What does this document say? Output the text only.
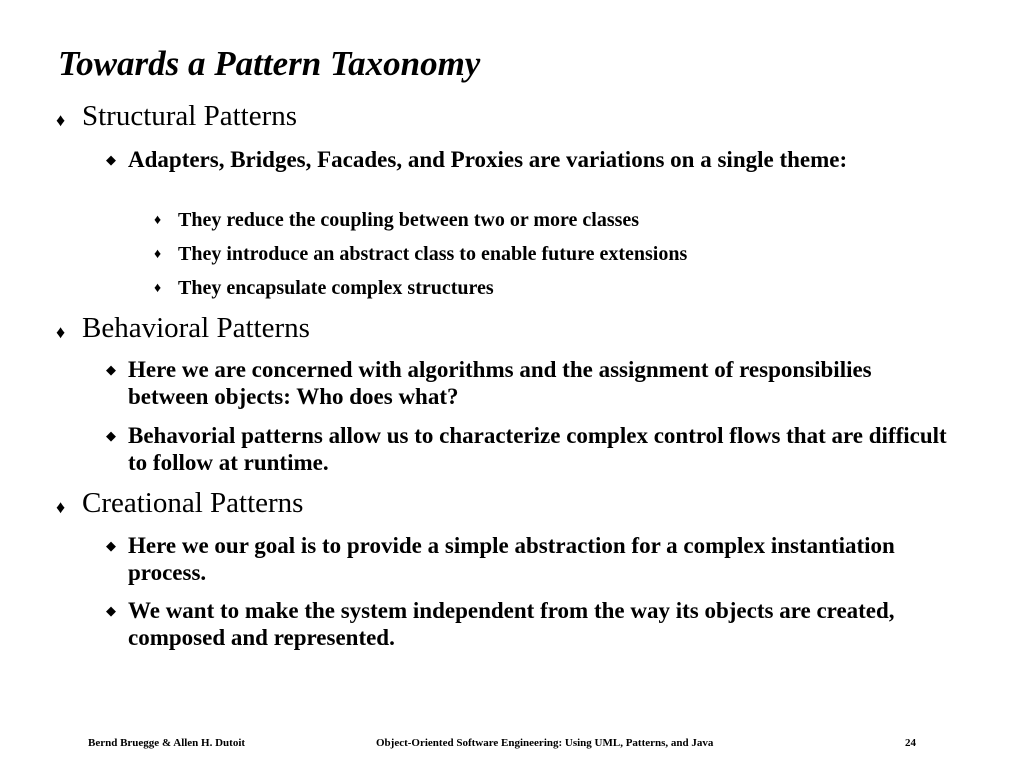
Towards a Pattern Taxonomy
♦ Structural Patterns
◆ Adapters, Bridges, Facades, and Proxies are variations on a single theme:
♦ They reduce the coupling between two or more classes
♦ They introduce an abstract class to enable future extensions
♦ They encapsulate complex structures
♦ Behavioral Patterns
◆ Here we are concerned with algorithms and the assignment of responsibilies between objects: Who does what?
◆ Behavorial patterns allow us to characterize complex control flows that are difficult to follow at runtime.
♦ Creational Patterns
◆ Here we our goal is to provide a simple abstraction for a complex instantiation process.
◆ We want to make the system independent from the way its objects are created, composed and represented.
Bernd Bruegge & Allen H. Dutoit	Object-Oriented Software Engineering: Using UML, Patterns, and Java	24
